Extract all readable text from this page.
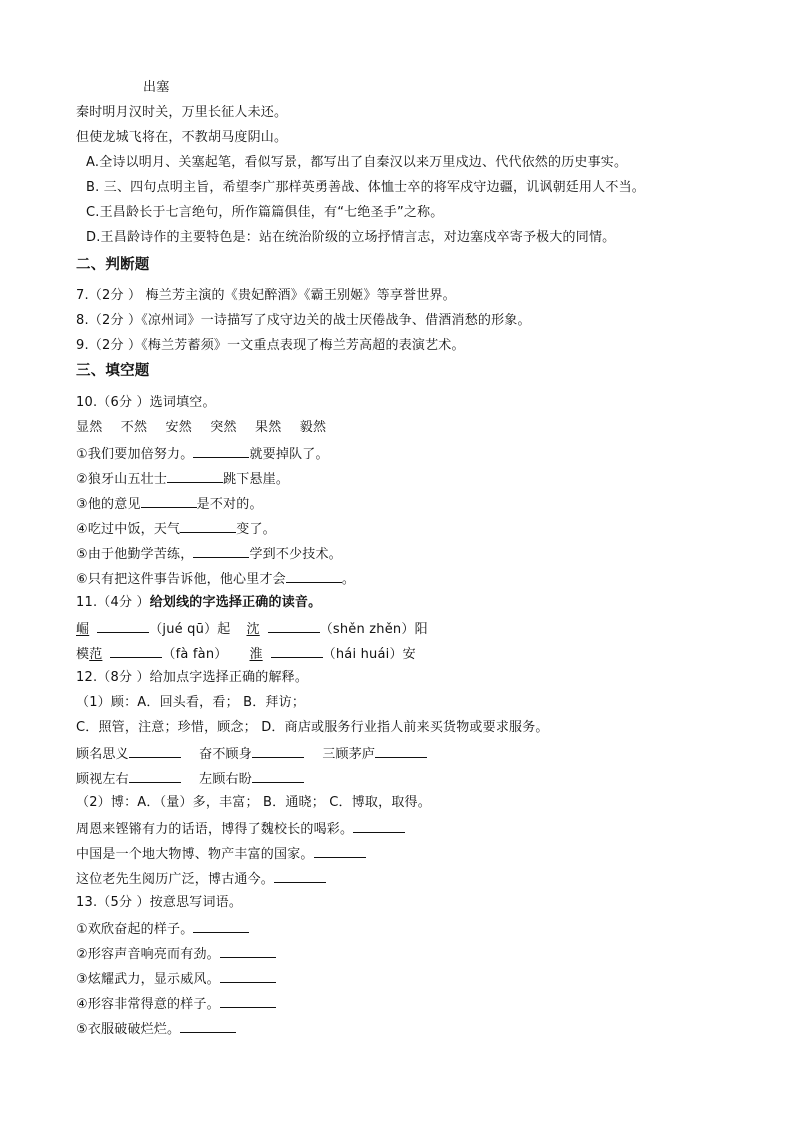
出塞
秦时明月汉时关，万里长征人未还。
但使龙城飞将在，不教胡马度阴山。
A.全诗以明月、关塞起笔，看似写景，都写出了自秦汉以来万里戍边、代代依然的历史事实。
B. 三、四句点明主旨，希望李广那样英勇善战、体恤士卒的将军戍守边疆，讥讽朝廷用人不当。
C.王昌龄长于七言绝句，所作篇篇俱佳，有“七绝圣手”之称。
D.王昌龄诗作的主要特色是：站在统治阶级的立场抒情言志，对边塞戍卒寄予极大的同情。
二、判断题
7.（2分 ） 梅兰芳主演的《贵妃醉酒》《霸王别姬》等享誉世界。
8.（2分 ）《凉州词》一诗描写了戍守边关的战士厌倦战争、借酒消愁的形象。
9.（2分 ）《梅兰芳蓄须》一文重点表现了梅兰芳高超的表演艺术。
三、填空题
10.（6分 ）选词填空。
显然 不然 安然 突然 果然 毅然
①我们要加倍努力。	就要掉队了。
②狼牙山五壮士	跳下悬崖。
③他的意见	是不对的。
④吃过中饭，天气	变了。
⑤由于他勤学苦练，	学到不少技术。
⑥只有把这件事告诉他，他心里才会	。
11.（4分 ）给划线的字选择正确的读音。
崛	（jué qū）起 沈	（shěn zhěn）阳
模范	（fà fàn） 淮	（hái huái）安
12.（8分 ）给加点字选择正确的解释。
（1）顾：A．回头看，看； B．拜访；
C．照管，注意；珍惜，顾念； D．商店或服务行业指人前来买货物或要求服务。
顾名思义	奋不顾身	三顾茅庐
顾视左右	左顾右盼
（2）博：A．（量）多，丰富； B．通晓； C．博取，取得。
周恩来铿锵有力的话语，博得了魏校长的喝彩。
中国是一个地大物博、物产丰富的国家。
这位老先生阅历广泛，博古通今。
13.（5分 ）按意思写词语。
①欢欣奋起的样子。
②形容声音响亮而有劲。
③炫耀武力，显示威风。
④形容非常得意的样子。
⑤衣服破破烂烂。
